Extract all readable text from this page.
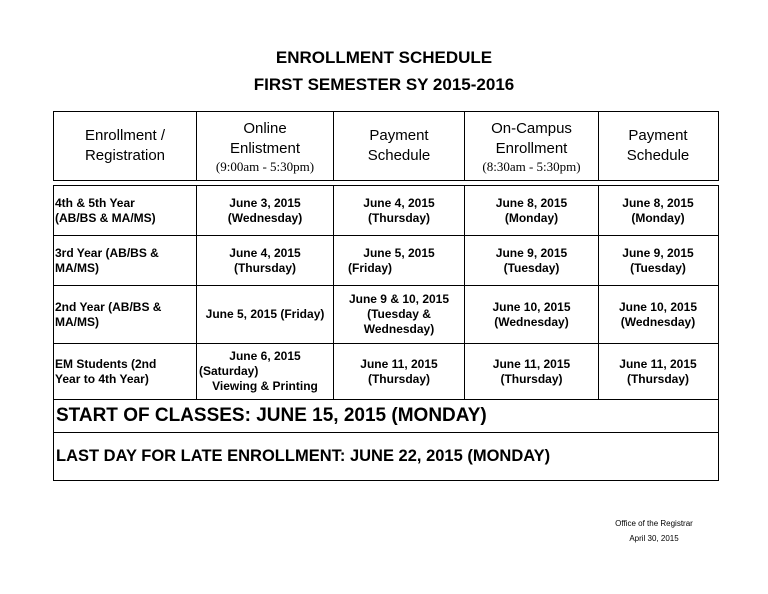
ENROLLMENT SCHEDULE
FIRST SEMESTER SY 2015-2016
Enrollment /
Registration
Online
Enlistment
(9:00am - 5:30pm)
Payment
Schedule
On-Campus
Enrollment
(8:30am - 5:30pm)
Payment
Schedule
4th & 5th Year
(AB/BS & MA/MS)
June 3, 2015
(Wednesday)
June 4, 2015
(Thursday)
June 8, 2015
(Monday)
June 8, 2015
(Monday)
3rd Year (AB/BS &
MA/MS)
June 4, 2015
(Thursday)
June 5, 2015
(Friday)
June 9, 2015
(Tuesday)
June 9, 2015
(Tuesday)
2nd Year (AB/BS &
MA/MS)
June 5, 2015 (Friday)
June 9 & 10, 2015
(Tuesday &
Wednesday)
June 10, 2015
(Wednesday)
June 10, 2015
(Wednesday)
EM Students (2nd
Year to 4th Year)
June 6, 2015
(Saturday)
Viewing & Printing
June 11, 2015
(Thursday)
June 11, 2015
(Thursday)
June 11, 2015
(Thursday)
START OF CLASSES: JUNE 15, 2015 (MONDAY)
LAST DAY FOR LATE ENROLLMENT: JUNE 22, 2015 (MONDAY)
Office of the Registrar
April 30, 2015
